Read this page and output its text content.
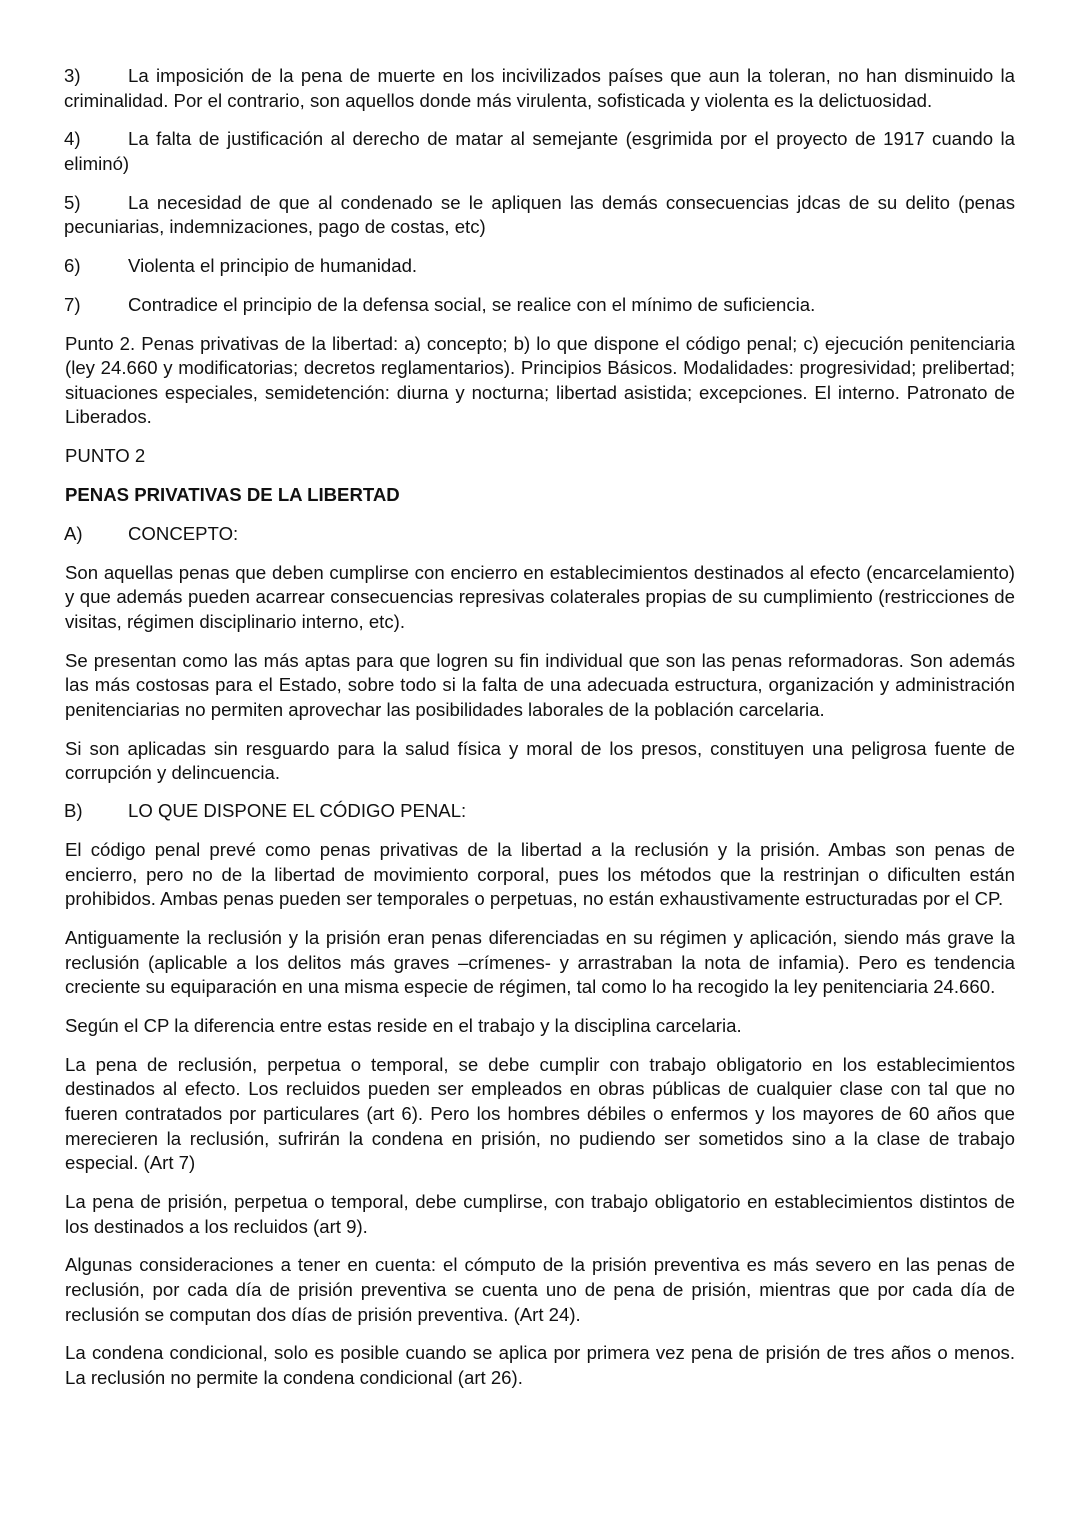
3)	La imposición de la pena de muerte en los incivilizados países que aun la toleran, no han disminuido la criminalidad. Por el contrario, son aquellos donde más virulenta, sofisticada y violenta es la delictuosidad.

4)	La falta de justificación al derecho de matar al semejante (esgrimida por el proyecto de 1917 cuando la eliminó)

5)	La necesidad de que al condenado se le apliquen las demás consecuencias jdcas de su delito (penas pecuniarias, indemnizaciones, pago de costas, etc)

6)	Violenta el principio de humanidad.

7)	Contradice el principio de la defensa social, se realice con el mínimo de suficiencia.

Punto 2. Penas privativas de la libertad: a) concepto; b) lo que dispone el código penal; c) ejecución penitenciaria (ley 24.660 y modificatorias; decretos reglamentarios). Principios Básicos. Modalidades: progresividad; prelibertad; situaciones especiales, semidetención: diurna y nocturna; libertad asistida; excepciones. El interno. Patronato de Liberados.

PUNTO 2

PENAS PRIVATIVAS DE LA LIBERTAD

A) CONCEPTO:

Son aquellas penas que deben cumplirse con encierro en establecimientos destinados al efecto (encarcelamiento) y que además pueden acarrear consecuencias represivas colaterales propias de su cumplimiento (restricciones de visitas, régimen disciplinario interno, etc).

Se presentan como las más aptas para que logren su fin individual que son las penas reformadoras. Son además las más costosas para el Estado, sobre todo si la falta de una adecuada estructura, organización y administración penitenciarias no permiten aprovechar las posibilidades laborales de la población carcelaria.

Si son aplicadas sin resguardo para la salud física y moral de los presos, constituyen una peligrosa fuente de corrupción y delincuencia.

B) LO QUE DISPONE EL CÓDIGO PENAL:

El código penal prevé como penas privativas de la libertad a la reclusión y la prisión. Ambas son penas de encierro, pero no de la libertad de movimiento corporal, pues los métodos que la restrinjan o dificulten están prohibidos. Ambas penas pueden ser temporales o perpetuas, no están exhaustivamente estructuradas por el CP.

Antiguamente la reclusión y la prisión eran penas diferenciadas en su régimen y aplicación, siendo más grave la reclusión (aplicable a los delitos más graves –crímenes- y arrastraban la nota de infamia). Pero es tendencia creciente su equiparación en una misma especie de régimen, tal como lo ha recogido la ley penitenciaria 24.660.

Según el CP la diferencia entre estas reside en el trabajo y la disciplina carcelaria.

La pena de reclusión, perpetua o temporal, se debe cumplir con trabajo obligatorio en los establecimientos destinados al efecto. Los recluidos pueden ser empleados en obras públicas de cualquier clase con tal que no fueren contratados por particulares (art 6). Pero los hombres débiles o enfermos y los mayores de 60 años que merecieren la reclusión, sufrirán la condena en prisión, no pudiendo ser sometidos sino a la clase de trabajo especial. (Art 7)

La pena de prisión, perpetua o temporal, debe cumplirse, con trabajo obligatorio en establecimientos distintos de los destinados a los recluidos (art 9).

Algunas consideraciones a tener en cuenta: el cómputo de la prisión preventiva es más severo en las penas de reclusión, por cada día de prisión preventiva se cuenta uno de pena de prisión, mientras que por cada día de reclusión se computan dos días de prisión preventiva. (Art 24).

La condena condicional, solo es posible cuando se aplica por primera vez pena de prisión de tres años o menos. La reclusión no permite la condena condicional (art 26).
